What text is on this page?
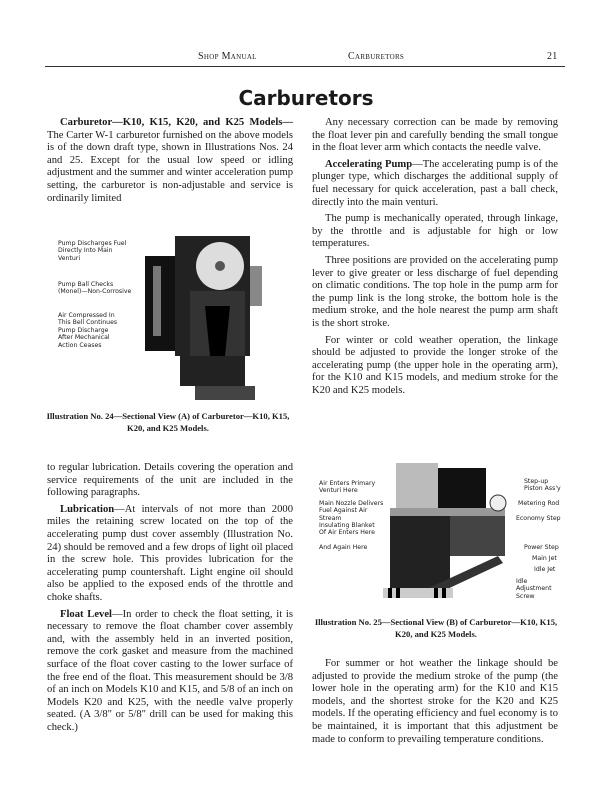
Shop Manual	Carburetors	21
Carburetors

Carburetor—K10, K15, K20, and K25 Models—The Carter W-1 carburetor furnished on the above models is of the down draft type, shown in Illustrations Nos. 24 and 25. Except for the usual low speed or idling adjustment and the summer and winter acceleration pump setting, the carburetor is non-adjustable and service is ordinarily limited

Pump Discharges Fuel Directly Into Main Venturi
Pump Ball Checks (Monel)—Non-Corrosive
Air Compressed In This Bell Continues Pump Discharge After Mechanical Action Ceases
Illustration No. 24—Sectional View (A) of Carburetor—K10, K15, K20, and K25 Models.

Any necessary correction can be made by removing the float lever pin and carefully bending the small tongue in the float lever arm which contacts the needle valve.

Accelerating Pump—The accelerating pump is of the plunger type, which discharges the additional supply of fuel necessary for quick acceleration, past a ball check, directly into the main venturi.

The pump is mechanically operated, through linkage, by the throttle and is adjustable for high or low temperatures.

Three positions are provided on the accelerating pump lever to give greater or less discharge of fuel depending on climatic conditions. The top hole in the pump arm for the pump link is the long stroke, the bottom hole is the medium stroke, and the hole nearest the pump arm shaft is the short stroke.

For winter or cold weather operation, the linkage should be adjusted to provide the longer stroke of the accelerating pump (the upper hole in the operating arm), for the K10 and K15 models, and medium stroke for the K20 and K25 models.

to regular lubrication. Details covering the operation and service requirements of the unit are included in the following paragraphs.

Lubrication—At intervals of not more than 2000 miles the retaining screw located on the top of the accelerating pump dust cover assembly (Illustration No. 24) should be removed and a few drops of light oil placed in the screw hole. This provides lubrication for the accelerating pump countershaft. Light engine oil should also be applied to the exposed ends of the throttle and choke shafts.

Float Level—In order to check the float setting, it is necessary to remove the float chamber cover assembly and, with the assembly held in an inverted position, remove the cork gasket and measure from the machined surface of the float cover casting to the lower surface of the free end of the float. This measurement should be 3/8 of an inch on Models K10 and K15, and 5/8 of an inch on Models K20 and K25, with the needle valve properly seated. (A 3/8" or 5/8" drill can be used for making this check.)

Air Enters Primary Venturi Here
Main Nozzle Delivers Fuel Against Air Stream
Insulating Blanket Of Air Enters Here
And Again Here
Step-up Piston Ass'y
Metering Rod
Economy Step
Power Step
Main Jet
Idle Jet
Idle Adjustment Screw
Illustration No. 25—Sectional View (B) of Carburetor—K10, K15, K20, and K25 Models.

For summer or hot weather the linkage should be adjusted to provide the medium stroke of the pump (the lower hole in the operating arm) for the K10 and K15 models, and the shortest stroke for the K20 and K25 models. If the operating efficiency and fuel economy is to be maintained, it is important that this adjustment be made to conform to prevailing temperature conditions.
